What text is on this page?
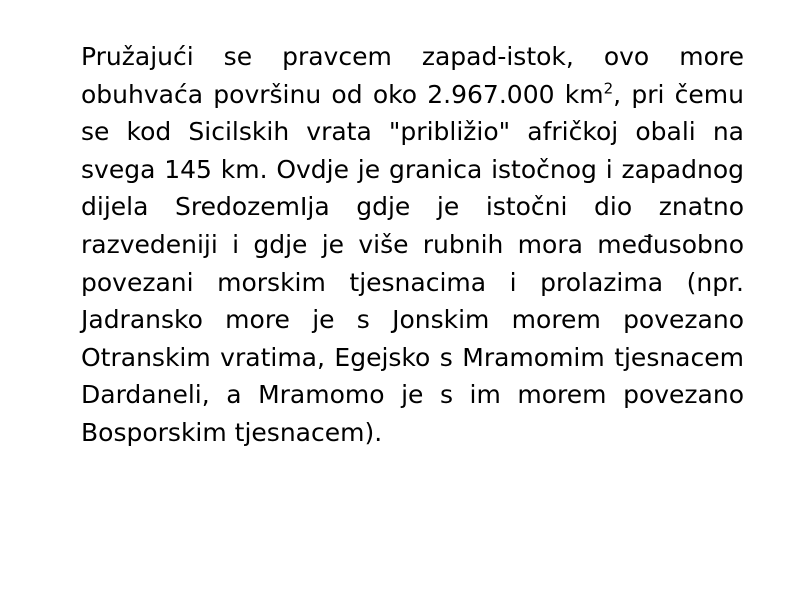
Pružajući se pravcem zapad-istok, ovo more obuhvaća površinu od oko 2.967.000 $km^2$, pri čemu se kod Sicilskih vrata "približio" afričkoj obali na svega 145 km. Ovdje je granica istočnog i zapadnog dijela SredozemIja gdje je istočni dio znatno razvedeniji i gdje je više rubnih mora međusobno povezani morskim tjesnacima i prolazima (npr. Jadransko more je s Jonskim morem povezano Otranskim vratima, Egejsko s Mramomim tjesnacem Dardaneli, a Mramomo je s im morem povezano Bosporskim tjesnacem).
